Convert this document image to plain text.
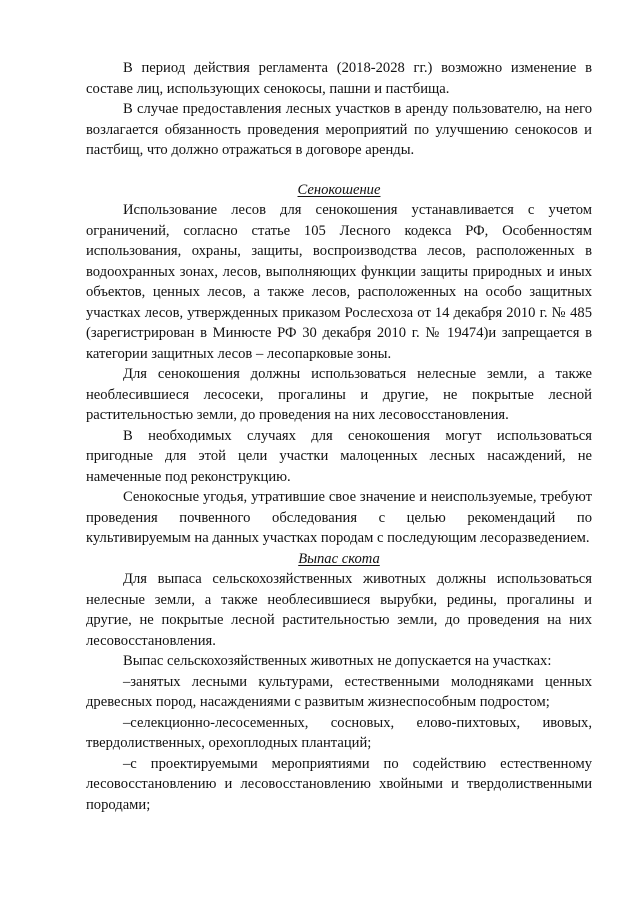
В период действия регламента (2018-2028 гг.) возможно изменение в составе лиц, использующих сенокосы, пашни и пастбища.

В случае предоставления лесных участков в аренду пользователю, на него возлагается обязанность проведения мероприятий по улучшению сенокосов и пастбищ, что должно отражаться в договоре аренды.

Сенокошение

Использование лесов для сенокошения устанавливается с учетом ограничений, согласно статье 105 Лесного кодекса РФ, Особенностям использования, охраны, защиты, воспроизводства лесов, расположенных в водоохранных зонах, лесов, выполняющих функции защиты природных и иных объектов, ценных лесов, а также лесов, расположенных на особо защитных участках лесов, утвержденных приказом Рослесхоза от 14 декабря 2010 г. № 485 (зарегистрирован в Минюсте РФ 30 декабря 2010 г. № 19474)и запрещается в категории защитных лесов – лесопарковые зоны.

Для сенокошения должны использоваться нелесные земли, а также необлесившиеся лесосеки, прогалины и другие, не покрытые лесной растительностью земли, до проведения на них лесовосстановления.

В необходимых случаях для сенокошения могут использоваться пригодные для этой цели участки малоценных лесных насаждений, не намеченные под реконструкцию.

Сенокосные угодья, утратившие свое значение и неиспользуемые, требуют проведения почвенного обследования с целью рекомендаций по культивируемым на данных участках породам с последующим лесоразведением.

Выпас скота

Для выпаса сельскохозяйственных животных должны использоваться нелесные земли, а также необлесившиеся вырубки, редины, прогалины и другие, не покрытые лесной растительностью земли, до проведения на них лесовосстановления.

Выпас сельскохозяйственных животных не допускается на участках:

–занятых лесными культурами, естественными молодняками ценных древесных пород, насаждениями с развитым жизнеспособным подростом;

–селекционно-лесосеменных, сосновых, елово-пихтовых, ивовых, твердолиственных, орехоплодных плантаций;

–с проектируемыми мероприятиями по содействию естественному лесовосстановлению и лесовосстановлению хвойными и твердолиственными породами;
